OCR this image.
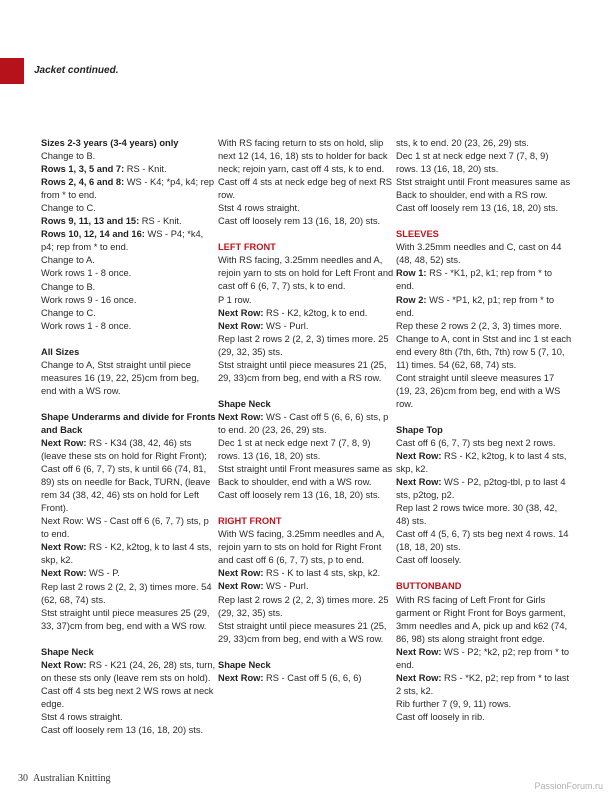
Jacket continued.
Sizes 2-3 years (3-4 years) only
Change to B.
Rows 1, 3, 5 and 7: RS - Knit.
Rows 2, 4, 6 and 8: WS - K4; *p4, k4; rep from * to end.
Change to C.
Rows 9, 11, 13 and 15: RS - Knit.
Rows 10, 12, 14 and 16: WS - P4; *k4, p4; rep from * to end.
Change to A.
Work rows 1 - 8 once.
Change to B.
Work rows 9 - 16 once.
Change to C.
Work rows 1 - 8 once.
All Sizes
Change to A, Stst straight until piece measures 16 (19, 22, 25)cm from beg, end with a WS row.
Shape Underarms and divide for Fronts and Back
Next Row: RS - K34 (38, 42, 46) sts (leave these sts on hold for Right Front); Cast off 6 (6, 7, 7) sts, k until 66 (74, 81, 89) sts on needle for Back, TURN, (leave rem 34 (38, 42, 46) sts on hold for Left Front).
Next Row: WS - Cast off 6 (6, 7, 7) sts, p to end.
Next Row: RS - K2, k2tog, k to last 4 sts, skp, k2.
Next Row: WS - P.
Rep last 2 rows 2 (2, 2, 3) times more. 54 (62, 68, 74) sts.
Stst straight until piece measures 25 (29, 33, 37)cm from beg, end with a WS row.
Shape Neck
Next Row: RS - K21 (24, 26, 28) sts, turn, on these sts only (leave rem sts on hold).
Cast off 4 sts beg next 2 WS rows at neck edge.
Stst 4 rows straight.
Cast off loosely rem 13 (16, 18, 20) sts.
With RS facing return to sts on hold, slip next 12 (14, 16, 18) sts to holder for back neck; rejoin yarn, cast off 4 sts, k to end.
Cast off 4 sts at neck edge beg of next RS row.
Stst 4 rows straight.
Cast off loosely rem 13 (16, 18, 20) sts.
LEFT FRONT
With RS facing, 3.25mm needles and A, rejoin yarn to sts on hold for Left Front and cast off 6 (6, 7, 7) sts, k to end.
P 1 row.
Next Row: RS - K2, k2tog, k to end.
Next Row: WS - Purl.
Rep last 2 rows 2 (2, 2, 3) times more. 25 (29, 32, 35) sts.
Stst straight until piece measures 21 (25, 29, 33)cm from beg, end with a RS row.
Shape Neck
Next Row: WS - Cast off 5 (6, 6, 6) sts, p to end. 20 (23, 26, 29) sts.
Dec 1 st at neck edge next 7 (7, 8, 9) rows. 13 (16, 18, 20) sts.
Stst straight until Front measures same as Back to shoulder, end with a WS row.
Cast off loosely rem 13 (16, 18, 20) sts.
RIGHT FRONT
With WS facing, 3.25mm needles and A, rejoin yarn to sts on hold for Right Front and cast off 6 (6, 7, 7) sts, p to end.
Next Row: RS - K to last 4 sts, skp, k2.
Next Row: WS - Purl.
Rep last 2 rows 2 (2, 2, 3) times more. 25 (29, 32, 35) sts.
Stst straight until piece measures 21 (25, 29, 33)cm from beg, end with a WS row.
Shape Neck
Next Row: RS - Cast off 5 (6, 6, 6)
sts, k to end. 20 (23, 26, 29) sts.
Dec 1 st at neck edge next 7 (7, 8, 9) rows. 13 (16, 18, 20) sts.
Stst straight until Front measures same as Back to shoulder, end with a RS row.
Cast off loosely rem 13 (16, 18, 20) sts.
SLEEVES
With 3.25mm needles and C, cast on 44 (48, 48, 52) sts.
Row 1: RS - *K1, p2, k1; rep from * to end.
Row 2: WS - *P1, k2, p1; rep from * to end.
Rep these 2 rows 2 (2, 3, 3) times more.
Change to A, cont in Stst and inc 1 st each end every 8th (7th, 6th, 7th) row 5 (7, 10, 11) times. 54 (62, 68, 74) sts.
Cont straight until sleeve measures 17 (19, 23, 26)cm from beg, end with a WS row.
Shape Top
Cast off 6 (6, 7, 7) sts beg next 2 rows.
Next Row: RS - K2, k2tog, k to last 4 sts, skp, k2.
Next Row: WS - P2, p2tog-tbl, p to last 4 sts, p2tog, p2.
Rep last 2 rows twice more. 30 (38, 42, 48) sts.
Cast off 4 (5, 6, 7) sts beg next 4 rows. 14 (18, 18, 20) sts.
Cast off loosely.
BUTTONBAND
With RS facing of Left Front for Girls garment or Right Front for Boys garment, 3mm needles and A, pick up and k62 (74, 86, 98) sts along straight front edge.
Next Row: WS - P2; *k2, p2; rep from * to end.
Next Row: RS - *K2, p2; rep from * to last 2 sts, k2.
Rib further 7 (9, 9, 11) rows.
Cast off loosely in rib.
30 Australian Knitting
PassionForum.ru
